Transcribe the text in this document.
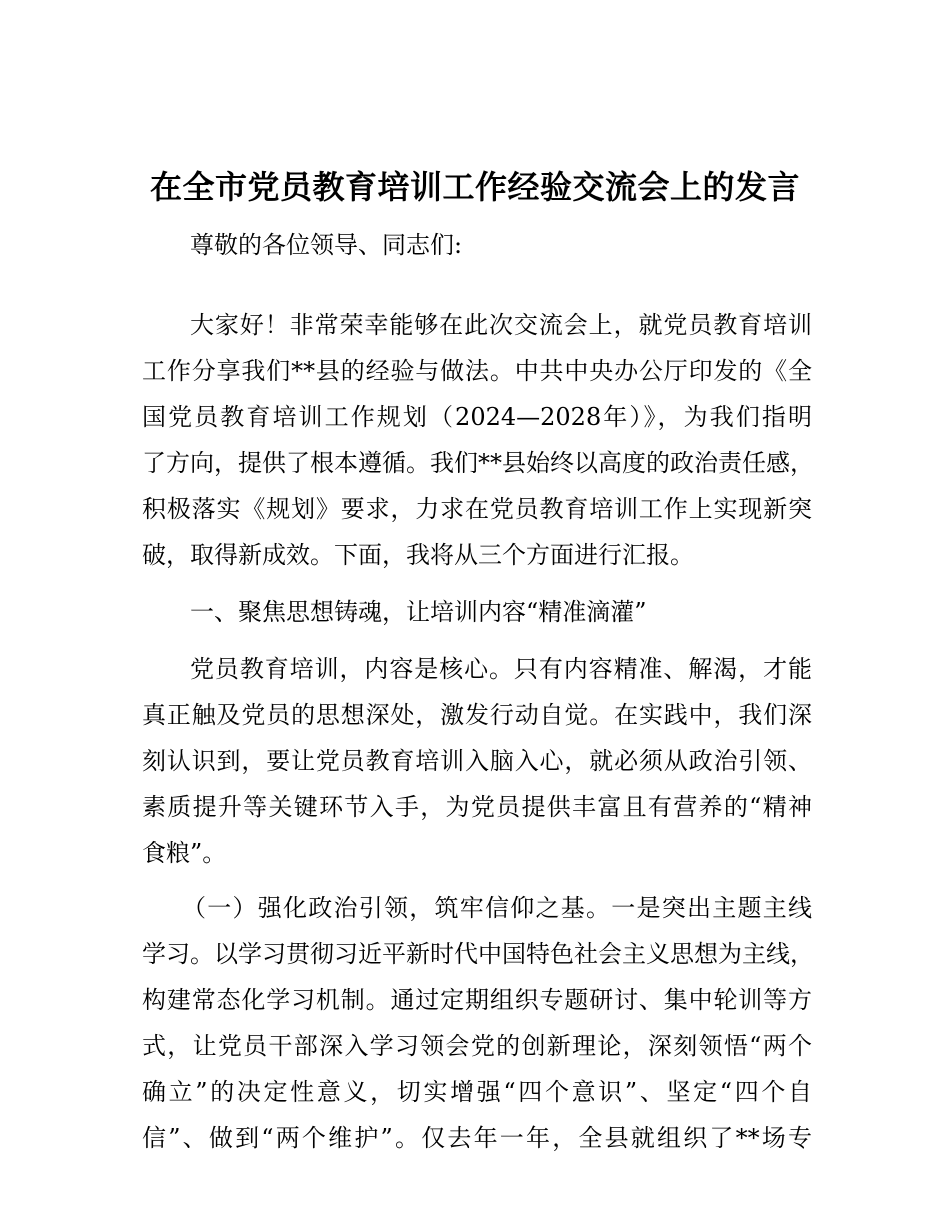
在全市党员教育培训工作经验交流会上的发言

尊敬的各位领导、同志们:

大家好！非常荣幸能够在此次交流会上，就党员教育培训

工作分享我们**县的经验与做法。中共中央办公厅印发的《全

国党员教育培训工作规划（2024—2028年）》，为我们指明

了方向，提供了根本遵循。我们**县始终以高度的政治责任感，

积极落实《规划》要求，力求在党员教育培训工作上实现新突

破，取得新成效。下面，我将从三个方面进行汇报。

一、聚焦思想铸魂，让培训内容“精准滴灌”

党员教育培训，内容是核心。只有内容精准、解渴，才能

真正触及党员的思想深处，激发行动自觉。在实践中，我们深

刻认识到，要让党员教育培训入脑入心，就必须从政治引领、

素质提升等关键环节入手，为党员提供丰富且有营养的“精神

食粮”。

（一）强化政治引领，筑牢信仰之基。一是突出主题主线

学习。以学习贯彻习近平新时代中国特色社会主义思想为主线，

构建常态化学习机制。通过定期组织专题研讨、集中轮训等方

式，让党员干部深入学习领会党的创新理论，深刻领悟“两个

确立”的决定性意义，切实增强“四个意识”、坚定“四个自

信”、做到“两个维护”。仅去年一年，全县就组织了**场专
